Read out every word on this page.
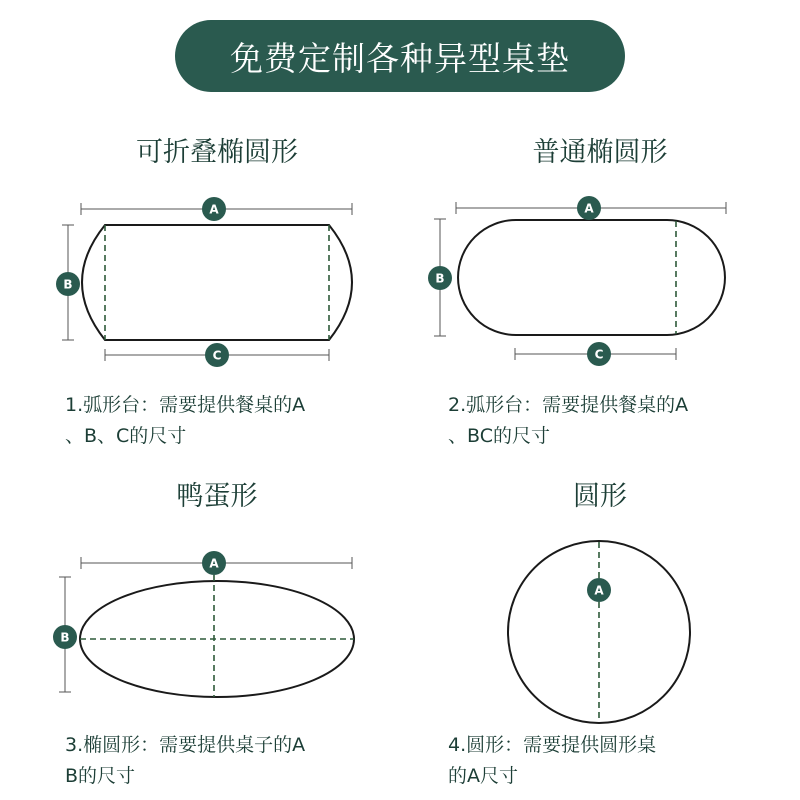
免费定制各种异型桌垫
可折叠椭圆形	普通椭圆形
鸭蛋形	圆形
1.弧形台：需要提供餐桌的A
、B、C的尺寸
2.弧形台：需要提供餐桌的A
、BC的尺寸
3.椭圆形：需要提供桌子的A
B的尺寸
4.圆形：需要提供圆形桌
的A尺寸
A
B
C
A
B
C
A
B
A
